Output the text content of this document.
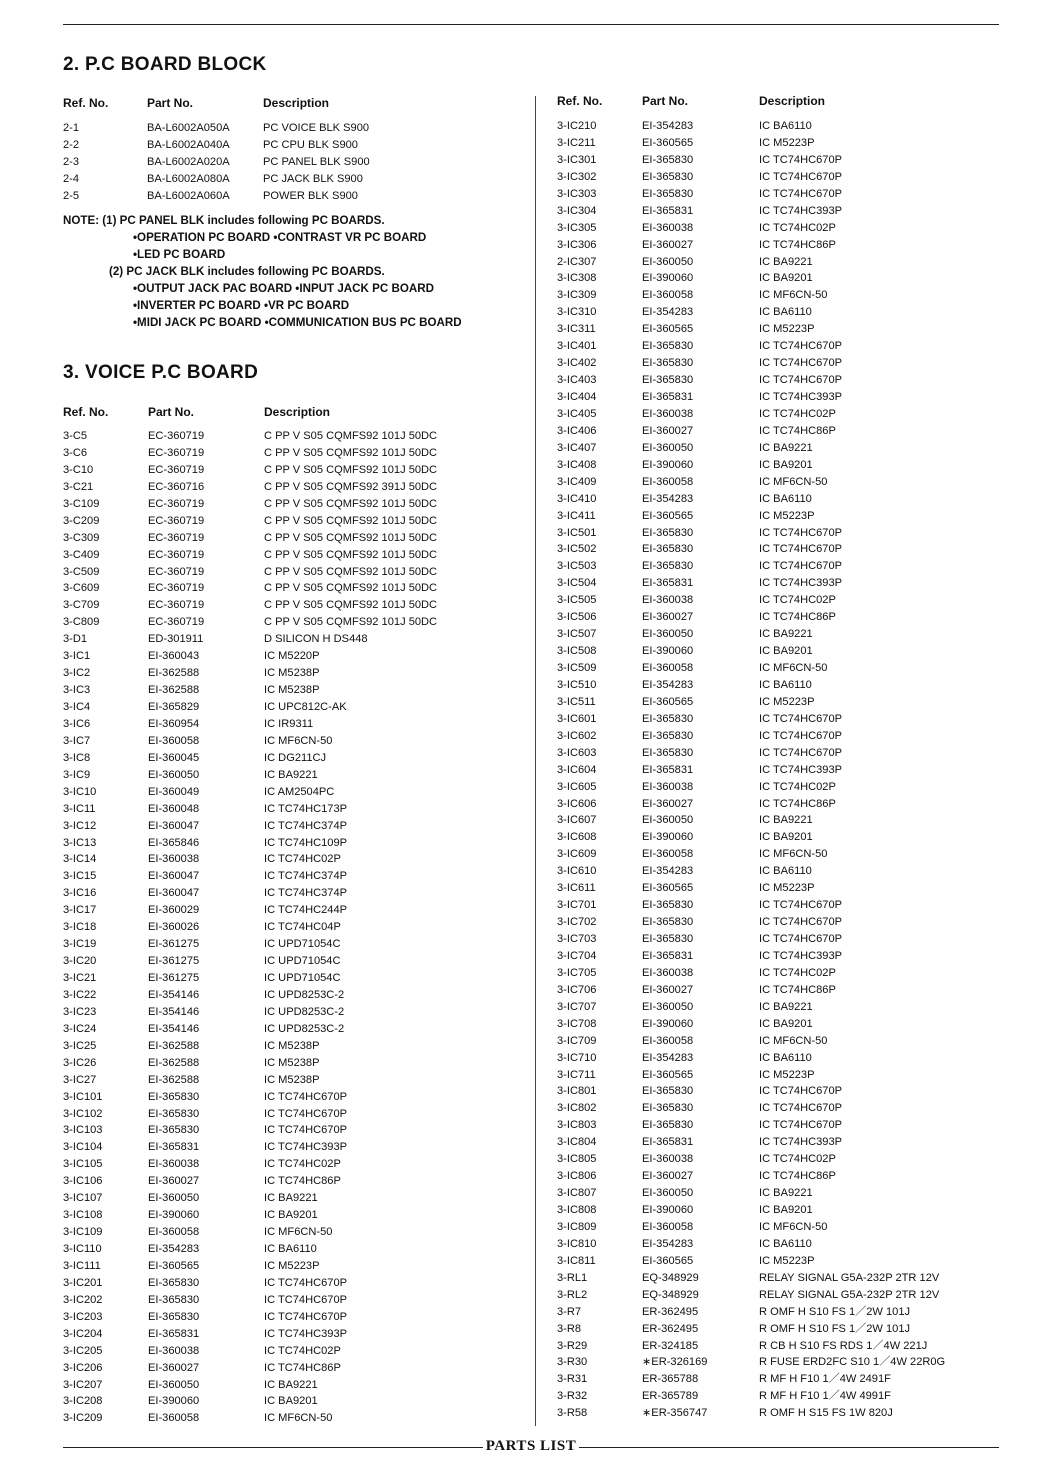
2. P.C BOARD BLOCK
Ref. No.	Part No.	Description
2-1	BA-L6002A050A	PC VOICE BLK S900
2-2	BA-L6002A040A	PC CPU BLK S900
2-3	BA-L6002A020A	PC PANEL BLK S900
2-4	BA-L6002A080A	PC JACK BLK S900
2-5	BA-L6002A060A	POWER BLK S900
NOTE: (1) PC PANEL BLK includes following PC BOARDS.
•OPERATION PC BOARD •CONTRAST VR PC BOARD
•LED PC BOARD
(2) PC JACK BLK includes following PC BOARDS.
•OUTPUT JACK PAC BOARD •INPUT JACK PC BOARD
•INVERTER PC BOARD •VR PC BOARD
•MIDI JACK PC BOARD •COMMUNICATION BUS PC BOARD
3. VOICE P.C BOARD
Ref. No.	Part No.	Description
3-C5	EC-360719	C PP V S05 CQMFS92 101J 50DC
3-C6	EC-360719	C PP V S05 CQMFS92 101J 50DC
3-C10	EC-360719	C PP V S05 CQMFS92 101J 50DC
3-C21	EC-360716	C PP V S05 CQMFS92 391J 50DC
3-C109	EC-360719	C PP V S05 CQMFS92 101J 50DC
3-C209	EC-360719	C PP V S05 CQMFS92 101J 50DC
3-C309	EC-360719	C PP V S05 CQMFS92 101J 50DC
3-C409	EC-360719	C PP V S05 CQMFS92 101J 50DC
3-C509	EC-360719	C PP V S05 CQMFS92 101J 50DC
3-C609	EC-360719	C PP V S05 CQMFS92 101J 50DC
3-C709	EC-360719	C PP V S05 CQMFS92 101J 50DC
3-C809	EC-360719	C PP V S05 CQMFS92 101J 50DC
3-D1	ED-301911	D SILICON H DS448
3-IC1	EI-360043	IC M5220P
3-IC2	EI-362588	IC M5238P
3-IC3	EI-362588	IC M5238P
3-IC4	EI-365829	IC UPC812C-AK
3-IC6	EI-360954	IC IR9311
3-IC7	EI-360058	IC MF6CN-50
3-IC8	EI-360045	IC DG211CJ
3-IC9	EI-360050	IC BA9221
3-IC10	EI-360049	IC AM2504PC
3-IC11	EI-360048	IC TC74HC173P
3-IC12	EI-360047	IC TC74HC374P
3-IC13	EI-365846	IC TC74HC109P
3-IC14	EI-360038	IC TC74HC02P
3-IC15	EI-360047	IC TC74HC374P
3-IC16	EI-360047	IC TC74HC374P
3-IC17	EI-360029	IC TC74HC244P
3-IC18	EI-360026	IC TC74HC04P
3-IC19	EI-361275	IC UPD71054C
3-IC20	EI-361275	IC UPD71054C
3-IC21	EI-361275	IC UPD71054C
3-IC22	EI-354146	IC UPD8253C-2
3-IC23	EI-354146	IC UPD8253C-2
3-IC24	EI-354146	IC UPD8253C-2
3-IC25	EI-362588	IC M5238P
3-IC26	EI-362588	IC M5238P
3-IC27	EI-362588	IC M5238P
3-IC101	EI-365830	IC TC74HC670P
3-IC102	EI-365830	IC TC74HC670P
3-IC103	EI-365830	IC TC74HC670P
3-IC104	EI-365831	IC TC74HC393P
3-IC105	EI-360038	IC TC74HC02P
3-IC106	EI-360027	IC TC74HC86P
3-IC107	EI-360050	IC BA9221
3-IC108	EI-390060	IC BA9201
3-IC109	EI-360058	IC MF6CN-50
3-IC110	EI-354283	IC BA6110
3-IC111	EI-360565	IC M5223P
3-IC201	EI-365830	IC TC74HC670P
3-IC202	EI-365830	IC TC74HC670P
3-IC203	EI-365830	IC TC74HC670P
3-IC204	EI-365831	IC TC74HC393P
3-IC205	EI-360038	IC TC74HC02P
3-IC206	EI-360027	IC TC74HC86P
3-IC207	EI-360050	IC BA9221
3-IC208	EI-390060	IC BA9201
3-IC209	EI-360058	IC MF6CN-50
Ref. No.	Part No.	Description
3-IC210	EI-354283	IC BA6110
3-IC211	EI-360565	IC M5223P
3-IC301	EI-365830	IC TC74HC670P
3-IC302	EI-365830	IC TC74HC670P
3-IC303	EI-365830	IC TC74HC670P
3-IC304	EI-365831	IC TC74HC393P
3-IC305	EI-360038	IC TC74HC02P
3-IC306	EI-360027	IC TC74HC86P
2-IC307	EI-360050	IC BA9221
3-IC308	EI-390060	IC BA9201
3-IC309	EI-360058	IC MF6CN-50
3-IC310	EI-354283	IC BA6110
3-IC311	EI-360565	IC M5223P
3-IC401	EI-365830	IC TC74HC670P
3-IC402	EI-365830	IC TC74HC670P
3-IC403	EI-365830	IC TC74HC670P
3-IC404	EI-365831	IC TC74HC393P
3-IC405	EI-360038	IC TC74HC02P
3-IC406	EI-360027	IC TC74HC86P
3-IC407	EI-360050	IC BA9221
3-IC408	EI-390060	IC BA9201
3-IC409	EI-360058	IC MF6CN-50
3-IC410	EI-354283	IC BA6110
3-IC411	EI-360565	IC M5223P
3-IC501	EI-365830	IC TC74HC670P
3-IC502	EI-365830	IC TC74HC670P
3-IC503	EI-365830	IC TC74HC670P
3-IC504	EI-365831	IC TC74HC393P
3-IC505	EI-360038	IC TC74HC02P
3-IC506	EI-360027	IC TC74HC86P
3-IC507	EI-360050	IC BA9221
3-IC508	EI-390060	IC BA9201
3-IC509	EI-360058	IC MF6CN-50
3-IC510	EI-354283	IC BA6110
3-IC511	EI-360565	IC M5223P
3-IC601	EI-365830	IC TC74HC670P
3-IC602	EI-365830	IC TC74HC670P
3-IC603	EI-365830	IC TC74HC670P
3-IC604	EI-365831	IC TC74HC393P
3-IC605	EI-360038	IC TC74HC02P
3-IC606	EI-360027	IC TC74HC86P
3-IC607	EI-360050	IC BA9221
3-IC608	EI-390060	IC BA9201
3-IC609	EI-360058	IC MF6CN-50
3-IC610	EI-354283	IC BA6110
3-IC611	EI-360565	IC M5223P
3-IC701	EI-365830	IC TC74HC670P
3-IC702	EI-365830	IC TC74HC670P
3-IC703	EI-365830	IC TC74HC670P
3-IC704	EI-365831	IC TC74HC393P
3-IC705	EI-360038	IC TC74HC02P
3-IC706	EI-360027	IC TC74HC86P
3-IC707	EI-360050	IC BA9221
3-IC708	EI-390060	IC BA9201
3-IC709	EI-360058	IC MF6CN-50
3-IC710	EI-354283	IC BA6110
3-IC711	EI-360565	IC M5223P
3-IC801	EI-365830	IC TC74HC670P
3-IC802	EI-365830	IC TC74HC670P
3-IC803	EI-365830	IC TC74HC670P
3-IC804	EI-365831	IC TC74HC393P
3-IC805	EI-360038	IC TC74HC02P
3-IC806	EI-360027	IC TC74HC86P
3-IC807	EI-360050	IC BA9221
3-IC808	EI-390060	IC BA9201
3-IC809	EI-360058	IC MF6CN-50
3-IC810	EI-354283	IC BA6110
3-IC811	EI-360565	IC M5223P
3-RL1	EQ-348929	RELAY SIGNAL G5A-232P 2TR 12V
3-RL2	EQ-348929	RELAY SIGNAL G5A-232P 2TR 12V
3-R7	ER-362495	R OMF H S10 FS 1／2W 101J
3-R8	ER-362495	R OMF H S10 FS 1／2W 101J
3-R29	ER-324185	R CB H S10 FS RDS 1／4W 221J
3-R30	∗ER-326169	R FUSE ERD2FC S10 1／4W 22R0G
3-R31	ER-365788	R MF H F10 1／4W 2491F
3-R32	ER-365789	R MF H F10 1／4W 4991F
3-R58	∗ER-356747	R OMF H S15 FS 1W 820J
PARTS LIST
